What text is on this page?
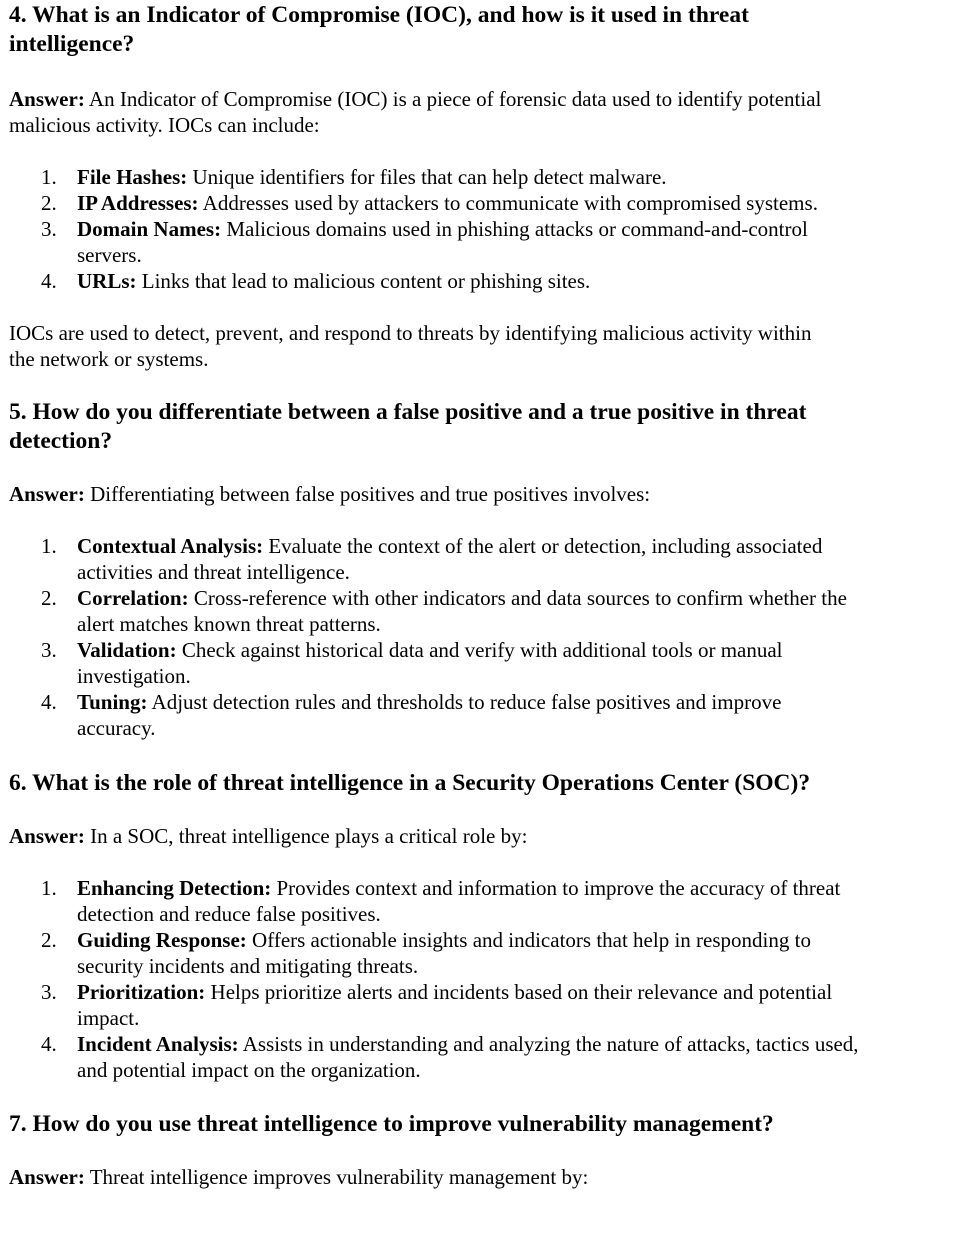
4. What is an Indicator of Compromise (IOC), and how is it used in threat intelligence?

Answer: An Indicator of Compromise (IOC) is a piece of forensic data used to identify potential malicious activity. IOCs can include:

1. File Hashes: Unique identifiers for files that can help detect malware.
2. IP Addresses: Addresses used by attackers to communicate with compromised systems.
3. Domain Names: Malicious domains used in phishing attacks or command-and-control servers.
4. URLs: Links that lead to malicious content or phishing sites.

IOCs are used to detect, prevent, and respond to threats by identifying malicious activity within the network or systems.

5. How do you differentiate between a false positive and a true positive in threat detection?

Answer: Differentiating between false positives and true positives involves:

1. Contextual Analysis: Evaluate the context of the alert or detection, including associated activities and threat intelligence.
2. Correlation: Cross-reference with other indicators and data sources to confirm whether the alert matches known threat patterns.
3. Validation: Check against historical data and verify with additional tools or manual investigation.
4. Tuning: Adjust detection rules and thresholds to reduce false positives and improve accuracy.
6. What is the role of threat intelligence in a Security Operations Center (SOC)?

Answer: In a SOC, threat intelligence plays a critical role by:

1. Enhancing Detection: Provides context and information to improve the accuracy of threat detection and reduce false positives.
2. Guiding Response: Offers actionable insights and indicators that help in responding to security incidents and mitigating threats.
3. Prioritization: Helps prioritize alerts and incidents based on their relevance and potential impact.
4. Incident Analysis: Assists in understanding and analyzing the nature of attacks, tactics used, and potential impact on the organization.
7. How do you use threat intelligence to improve vulnerability management?

Answer: Threat intelligence improves vulnerability management by:
